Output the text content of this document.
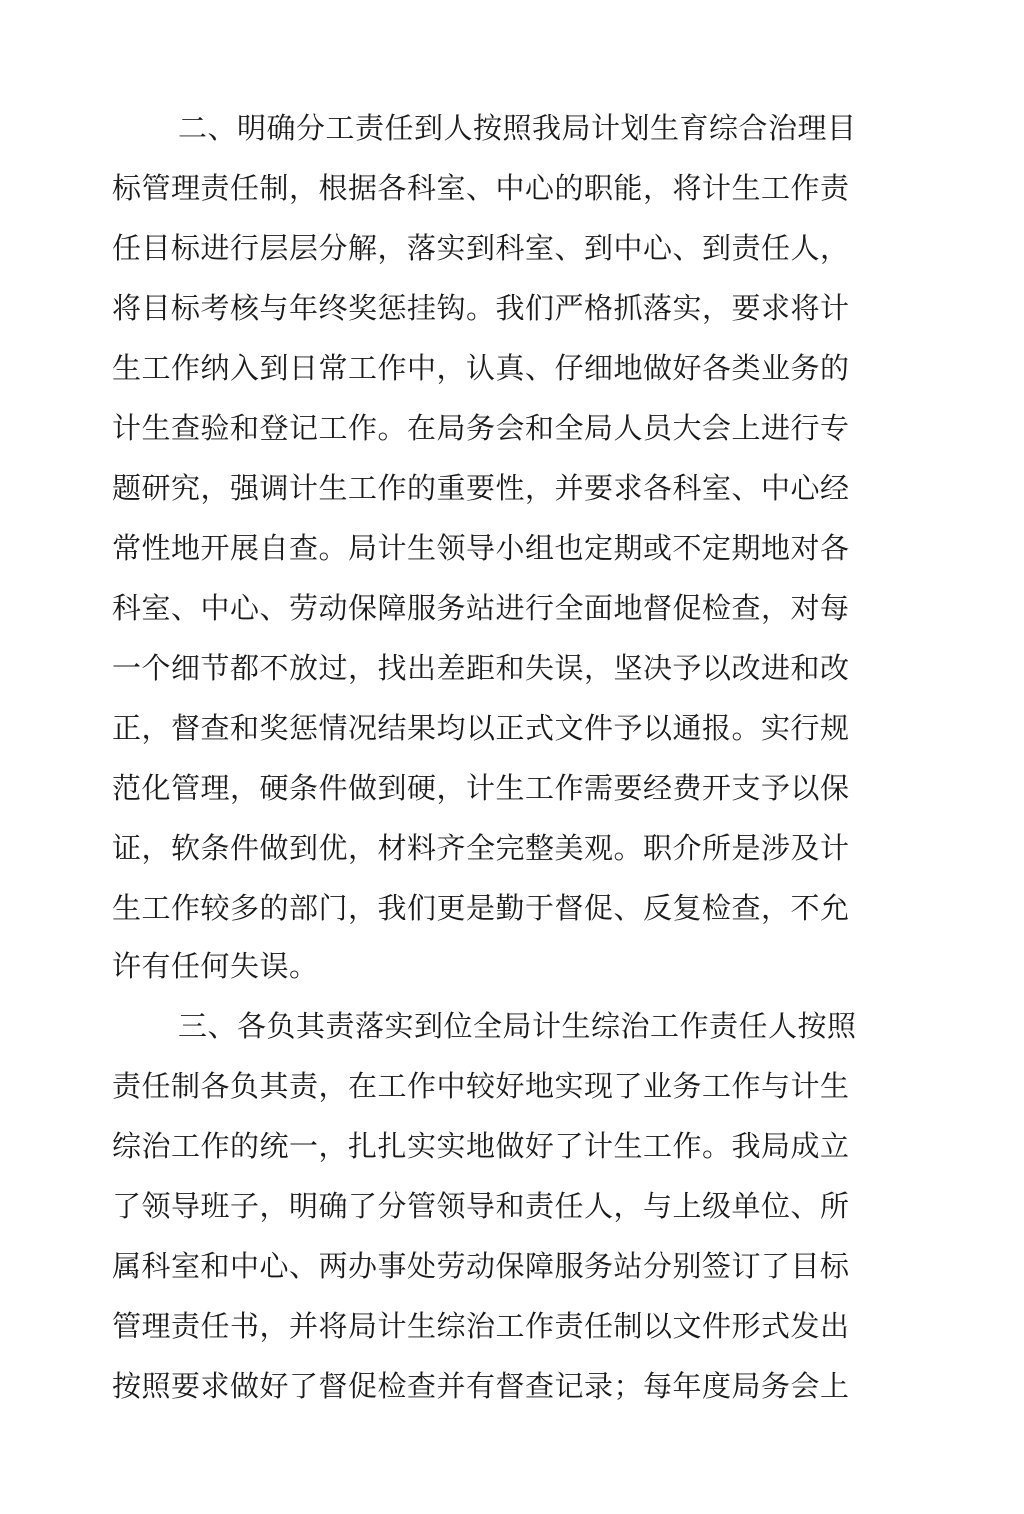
二、明确分工责任到人按照我局计划生育综合治理目
标管理责任制，根据各科室、中心的职能，将计生工作责
任目标进行层层分解，落实到科室、到中心、到责任人，
将目标考核与年终奖惩挂钩。我们严格抓落实，要求将计
生工作纳入到日常工作中，认真、仔细地做好各类业务的
计生查验和登记工作。在局务会和全局人员大会上进行专
题研究，强调计生工作的重要性，并要求各科室、中心经
常性地开展自查。局计生领导小组也定期或不定期地对各
科室、中心、劳动保障服务站进行全面地督促检查，对每
一个细节都不放过，找出差距和失误，坚决予以改进和改
正，督查和奖惩情况结果均以正式文件予以通报。实行规
范化管理，硬条件做到硬，计生工作需要经费开支予以保
证，软条件做到优，材料齐全完整美观。职介所是涉及计
生工作较多的部门，我们更是勤于督促、反复检查，不允
许有任何失误。
三、各负其责落实到位全局计生综治工作责任人按照
责任制各负其责，在工作中较好地实现了业务工作与计生
综治工作的统一，扎扎实实地做好了计生工作。我局成立
了领导班子，明确了分管领导和责任人，与上级单位、所
属科室和中心、两办事处劳动保障服务站分别签订了目标
管理责任书，并将局计生综治工作责任制以文件形式发出
按照要求做好了督促检查并有督查记录；每年度局务会上
